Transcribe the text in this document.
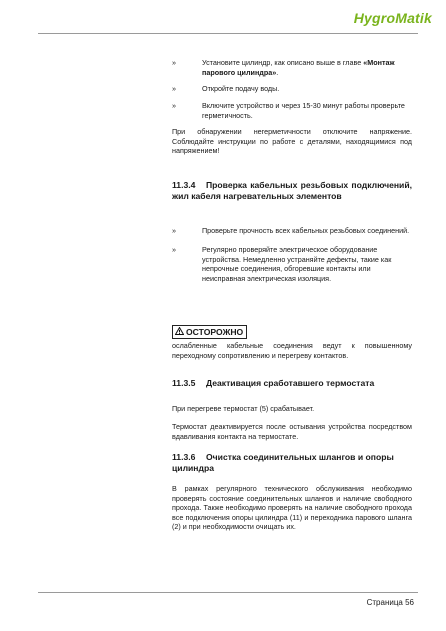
HygroMatik
»	Установите цилиндр, как описано выше в главе «Монтаж парового цилиндра».
»	Откройте подачу воды.
»	Включите устройство и через 15-30 минут работы проверьте герметичность.
При обнаружении негерметичности отключите напряжение. Соблюдайте инструкции по работе с деталями, находящимися под напряжением!
11.3.4 Проверка кабельных резьбовых подключений, жил кабеля нагревательных элементов
»	Проверьте прочность всех кабельных резьбовых соединений.
»	Регулярно проверяйте электрическое оборудование устройства. Немедленно устраняйте дефекты, такие как непрочные соединения, обгоревшие контакты или неисправная электрическая изоляция.
ОСТОРОЖНО
ослабленные кабельные соединения ведут к повышенному переходному сопротивлению и перегреву контактов.
11.3.5 Деактивация сработавшего термостата
При перегреве термостат (5) срабатывает.
Термостат деактивируется после остывания устройства посредством вдавливания контакта на термостате.
11.3.6 Очистка соединительных шлангов и опоры цилиндра
В рамках регулярного технического обслуживания необходимо проверять состояние соединительных шлангов и наличие свободного прохода. Также необходимо проверять на наличие свободного прохода все подключения опоры цилиндра (11) и переходника парового шланга (2) и при необходимости очищать их.
Страница 56
